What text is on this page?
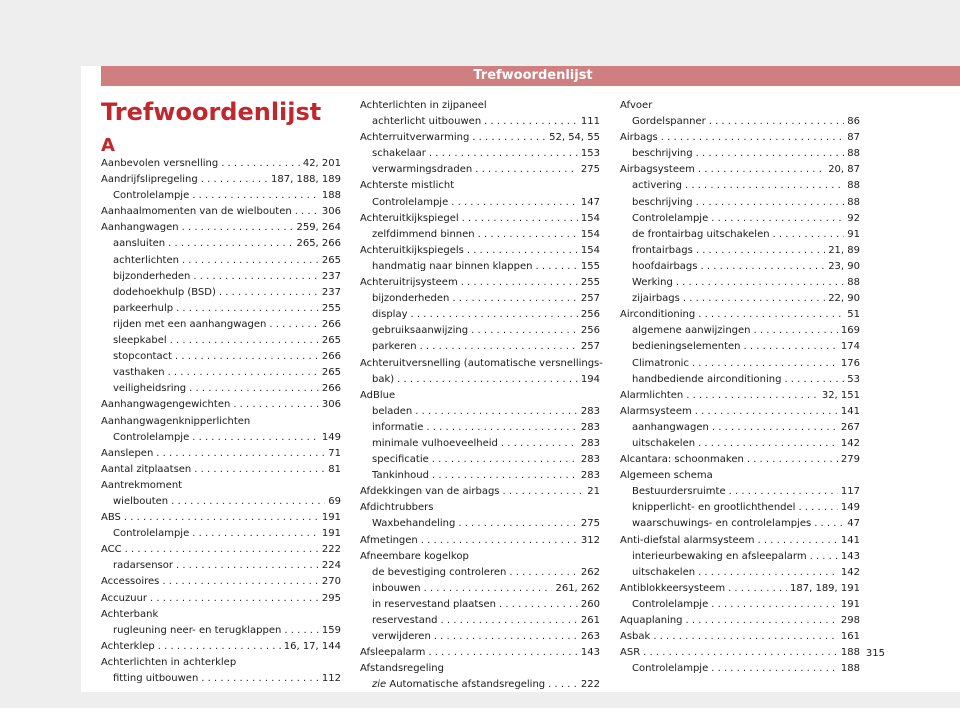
Trefwoordenlijst
Trefwoordenlijst
A
Aanbevolen versnelling . . .	42, 201
Aandrijfslipregeling . . .	187, 188, 189
Controlelampje . . .	188
Aanhaalmomenten van de wielbouten . . .	306
Aanhangwagen . . .	259, 264
aansluiten . . .	265, 266
achterlichten . . .	265
bijzonderheden . . .	237
dodehoekhulp (BSD) . . .	237
parkeerhulp . . .	255
rijden met een aanhangwagen . . .	266
sleepkabel . . .	265
stopcontact . . .	266
vasthaken . . .	265
veiligheidsring . . .	266
Aanhangwagengewichten . . .	306
Aanhangwagenknipperlichten
Controlelampje . . .	149
Aanslepen . . .	71
Aantal zitplaatsen . . .	81
Aantrekmoment
wielbouten . . .	69
ABS . . .	191
Controlelampje . . .	191
ACC . . .	222
radarsensor . . .	224
Accessoires . . .	270
Accuzuur . . .	295
Achterbank
rugleuning neer- en terugklappen . . .	159
Achterklep . . .	16, 17, 144
Achterlichten in achterklep
fitting uitbouwen . . .	112
Achterlichten in zijpaneel
achterlicht uitbouwen . . .	111
Achterruitverwarming . . .	52, 54, 55
schakelaar . . .	153
verwarmingsdraden . . .	275
Achterste mistlicht
Controlelampje . . .	147
Achteruitkijkspiegel . . .	154
zelfdimmend binnen . . .	154
Achteruitkijkspiegels . . .	154
handmatig naar binnen klappen . . .	155
Achteruitrijsysteem . . .	255
bijzonderheden . . .	257
display . . .	256
gebruiksaanwijzing . . .	256
parkeren . . .	257
Achteruitversnelling (automatische versnellings-
bak) . . .	194
AdBlue
beladen . . .	283
informatie . . .	283
minimale vulhoeveelheid . . .	283
specificatie . . .	283
Tankinhoud . . .	283
Afdekkingen van de airbags . . .	21
Afdichtrubbers
Waxbehandeling . . .	275
Afmetingen . . .	312
Afneembare kogelkop
de bevestiging controleren . . .	262
inbouwen . . .	261, 262
in reservestand plaatsen . . .	260
reservestand . . .	261
verwijderen . . .	263
Afsleepalarm . . .	143
Afstandsregeling
zie Automatische afstandsregeling . . .	222
Afvoer
Gordelspanner . . .	86
Airbags . . .	87
beschrijving . . .	88
Airbagsysteem . . .	20, 87
activering . . .	88
beschrijving . . .	88
Controlelampje . . .	92
de frontairbag uitschakelen . . .	91
frontairbags . . .	21, 89
hoofdairbags . . .	23, 90
Werking . . .	88
zijairbags . . .	22, 90
Airconditioning . . .	51
algemene aanwijzingen . . .	169
bedieningselementen . . .	174
Climatronic . . .	176
handbediende airconditioning . . .	53
Alarmlichten . . .	32, 151
Alarmsysteem . . .	141
aanhangwagen . . .	267
uitschakelen . . .	142
Alcantara: schoonmaken . . .	279
Algemeen schema
Bestuurdersruimte . . .	117
knipperlicht- en grootlichthendel . . .	149
waarschuwings- en controlelampjes . . .	47
Anti-diefstal alarmsysteem . . .	141
interieurbewaking en afsleepalarm . . .	143
uitschakelen . . .	142
Antiblokkeersysteem . . .	187, 189, 191
Controlelampje . . .	191
Aquaplaning . . .	298
Asbak . . .	161
ASR . . .	188
Controlelampje . . .	188
315
